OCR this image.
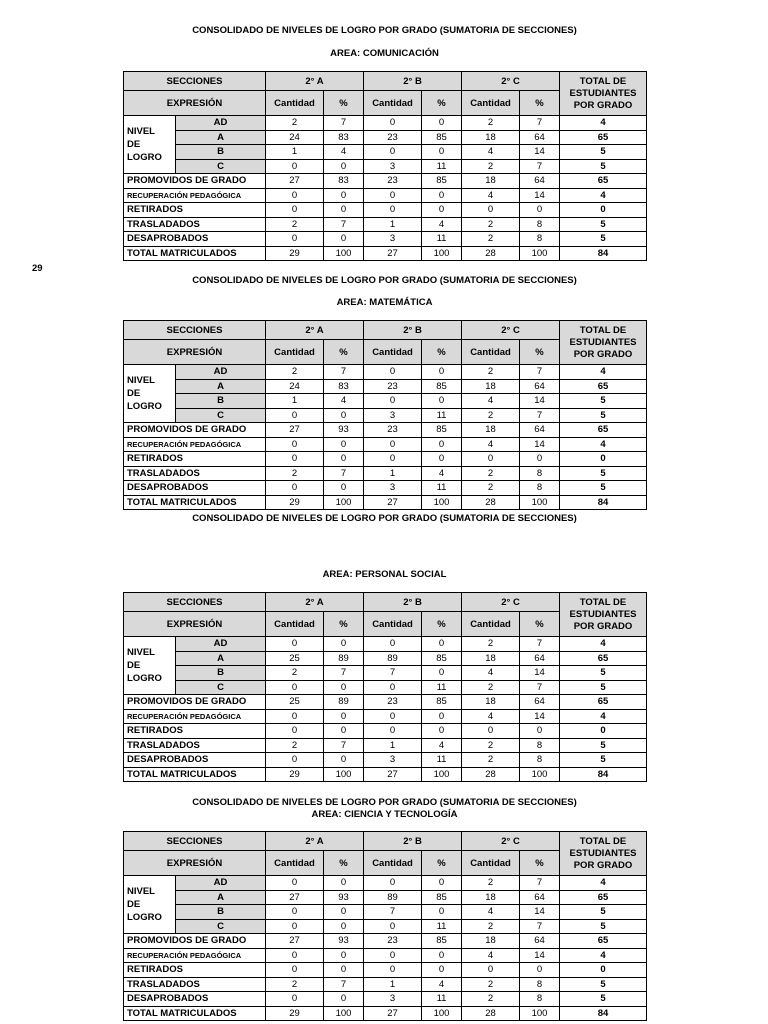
29
CONSOLIDADO DE NIVELES DE LOGRO POR GRADO (SUMATORIA DE SECCIONES)
AREA: COMUNICACIÓN
SECCIONES		2° A		2° B		2° C		TOTAL DE ESTUDIANTES POR GRADO
EXPRESIÓN		Cantidad	%	Cantidad	%	Cantidad	%	

NIVEL
DE
LOGRO	AD	2	7	0	0	2	7	4
	A	24	83	23	85	18	64	65
	B	1	4	0	0	4	14	5
	C	0	0	3	11	2	7	5
PROMOVIDOS DE GRADO		27	83	23	85	18	64	65
RECUPERACIÓN PEDAGÓGICA		0	0	0	0	4	14	4
RETIRADOS		0	0	0	0	0	0	0
TRASLADADOS		2	7	1	4	2	8	5
DESAPROBADOS		0	0	3	11	2	8	5
TOTAL MATRICULADOS		29	100	27	100	28	100	84
CONSOLIDADO DE NIVELES DE LOGRO POR GRADO (SUMATORIA DE SECCIONES)
AREA: MATEMÁTICA
SECCIONES		2° A		2° B		2° C		TOTAL DE ESTUDIANTES POR GRADO
EXPRESIÓN		Cantidad	%	Cantidad	%	Cantidad	%	

NIVEL
DE
LOGRO	AD	2	7	0	0	2	7	4
	A	24	83	23	85	18	64	65
	B	1	4	0	0	4	14	5
	C	0	0	3	11	2	7	5
PROMOVIDOS DE GRADO		27	93	23	85	18	64	65
RECUPERACIÓN PEDAGÓGICA		0	0	0	0	4	14	4
RETIRADOS		0	0	0	0	0	0	0
TRASLADADOS		2	7	1	4	2	8	5
DESAPROBADOS		0	0	3	11	2	8	5
TOTAL MATRICULADOS		29	100	27	100	28	100	84
CONSOLIDADO DE NIVELES DE LOGRO POR GRADO (SUMATORIA DE SECCIONES)
AREA: PERSONAL SOCIAL
SECCIONES		2° A		2° B		2° C		TOTAL DE ESTUDIANTES POR GRADO
EXPRESIÓN		Cantidad	%	Cantidad	%	Cantidad	%	

NIVEL
DE
LOGRO	AD	0	0	0	0	2	7	4
	A	25	89	89	85	18	64	65
	B	2	7	7	0	4	14	5
	C	0	0	0	11	2	7	5
PROMOVIDOS DE GRADO		25	89	23	85	18	64	65
RECUPERACIÓN PEDAGÓGICA		0	0	0	0	4	14	4
RETIRADOS		0	0	0	0	0	0	0
TRASLADADOS		2	7	1	4	2	8	5
DESAPROBADOS		0	0	3	11	2	8	5
TOTAL MATRICULADOS		29	100	27	100	28	100	84
CONSOLIDADO DE NIVELES DE LOGRO POR GRADO (SUMATORIA DE SECCIONES)
AREA: CIENCIA Y TECNOLOGÍA
SECCIONES		2° A		2° B		2° C		TOTAL DE ESTUDIANTES POR GRADO
EXPRESIÓN		Cantidad	%	Cantidad	%	Cantidad	%	

NIVEL
DE
LOGRO	AD	0	0	0	0	2	7	4
	A	27	93	89	85	18	64	65
	B	0	0	7	0	4	14	5
	C	0	0	0	11	2	7	5
PROMOVIDOS DE GRADO		27	93	23	85	18	64	65
RECUPERACIÓN PEDAGÓGICA		0	0	0	0	4	14	4
RETIRADOS		0	0	0	0	0	0	0
TRASLADADOS		2	7	1	4	2	8	5
DESAPROBADOS		0	0	3	11	2	8	5
TOTAL MATRICULADOS		29	100	27	100	28	100	84
